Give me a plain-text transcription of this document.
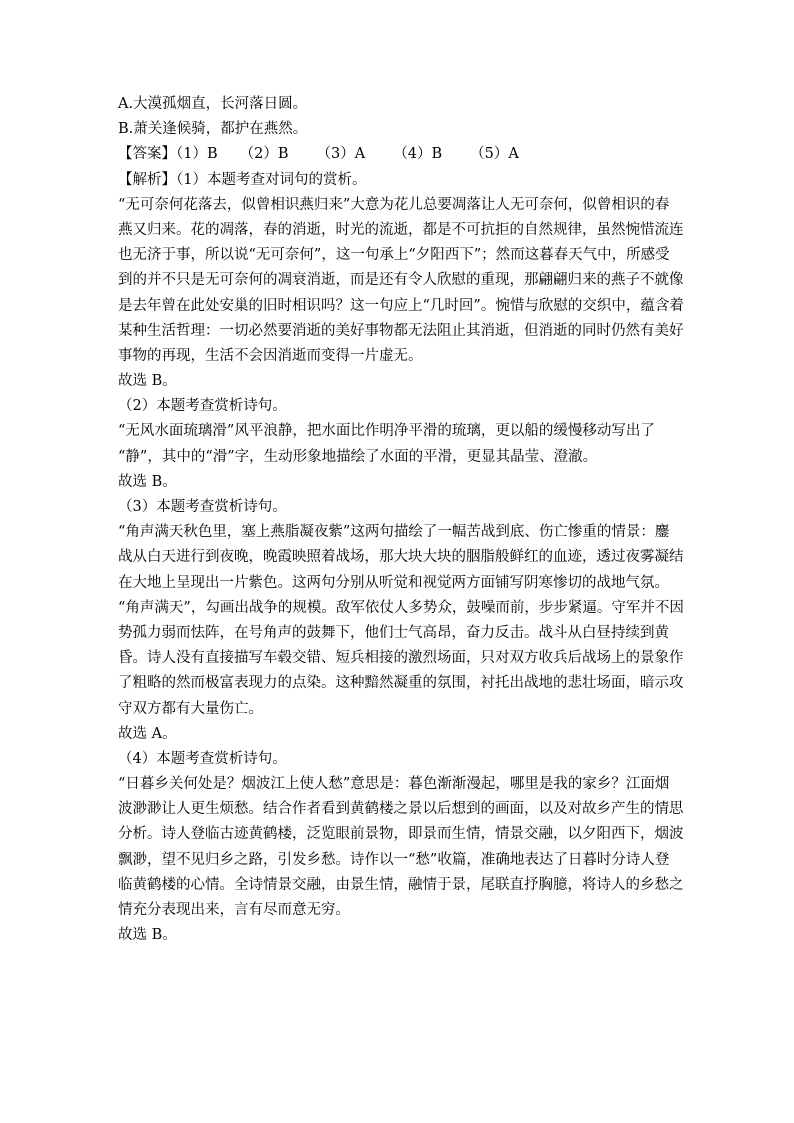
A.大漠孤烟直，长河落日圆。
B.萧关逢候骑，都护在燕然。
【答案】（1）B （2）B （3）A （4）B （5）A
【解析】（1）本题考查对词句的赏析。
“无可奈何花落去，似曾相识燕归来”大意为花儿总要凋落让人无可奈何，似曾相识的春
燕又归来。花的凋落，春的消逝，时光的流逝，都是不可抗拒的自然规律，虽然惋惜流连
也无济于事，所以说“无可奈何”，这一句承上“夕阳西下”；然而这暮春天气中，所感受
到的并不只是无可奈何的凋衰消逝，而是还有令人欣慰的重现，那翩翩归来的燕子不就像
是去年曾在此处安巢的旧时相识吗？这一句应上“几时回”。惋惜与欣慰的交织中，蕴含着
某种生活哲理：一切必然要消逝的美好事物都无法阻止其消逝，但消逝的同时仍然有美好
事物的再现，生活不会因消逝而变得一片虚无。
故选 B。
（2）本题考查赏析诗句。
“无风水面琉璃滑”风平浪静，把水面比作明净平滑的琉璃，更以船的缓慢移动写出了
“静”，其中的“滑”字，生动形象地描绘了水面的平滑，更显其晶莹、澄澈。
故选 B。
（3）本题考查赏析诗句。
“角声满天秋色里，塞上燕脂凝夜紫”这两句描绘了一幅苦战到底、伤亡惨重的情景：鏖
战从白天进行到夜晚，晚霞映照着战场，那大块大块的胭脂般鲜红的血迹，透过夜雾凝结
在大地上呈现出一片紫色。这两句分别从听觉和视觉两方面铺写阴寒惨切的战地气氛。
“角声满天”，勾画出战争的规模。敌军依仗人多势众，鼓噪而前，步步紧逼。守军并不因
势孤力弱而怯阵，在号角声的鼓舞下，他们士气高昂，奋力反击。战斗从白昼持续到黄
昏。诗人没有直接描写车毂交错、短兵相接的激烈场面，只对双方收兵后战场上的景象作
了粗略的然而极富表现力的点染。这种黯然凝重的氛围，衬托出战地的悲壮场面，暗示攻
守双方都有大量伤亡。
故选 A。
（4）本题考查赏析诗句。
“日暮乡关何处是？烟波江上使人愁”意思是：暮色渐渐漫起，哪里是我的家乡？江面烟
波渺渺让人更生烦愁。结合作者看到黄鹤楼之景以后想到的画面，以及对故乡产生的情思
分析。诗人登临古迹黄鹤楼，泛览眼前景物，即景而生情，情景交融，以夕阳西下，烟波
飘渺，望不见归乡之路，引发乡愁。诗作以一“愁”收篇，准确地表达了日暮时分诗人登
临黄鹤楼的心情。全诗情景交融，由景生情，融情于景，尾联直抒胸臆，将诗人的乡愁之
情充分表现出来，言有尽而意无穷。
故选 B。
